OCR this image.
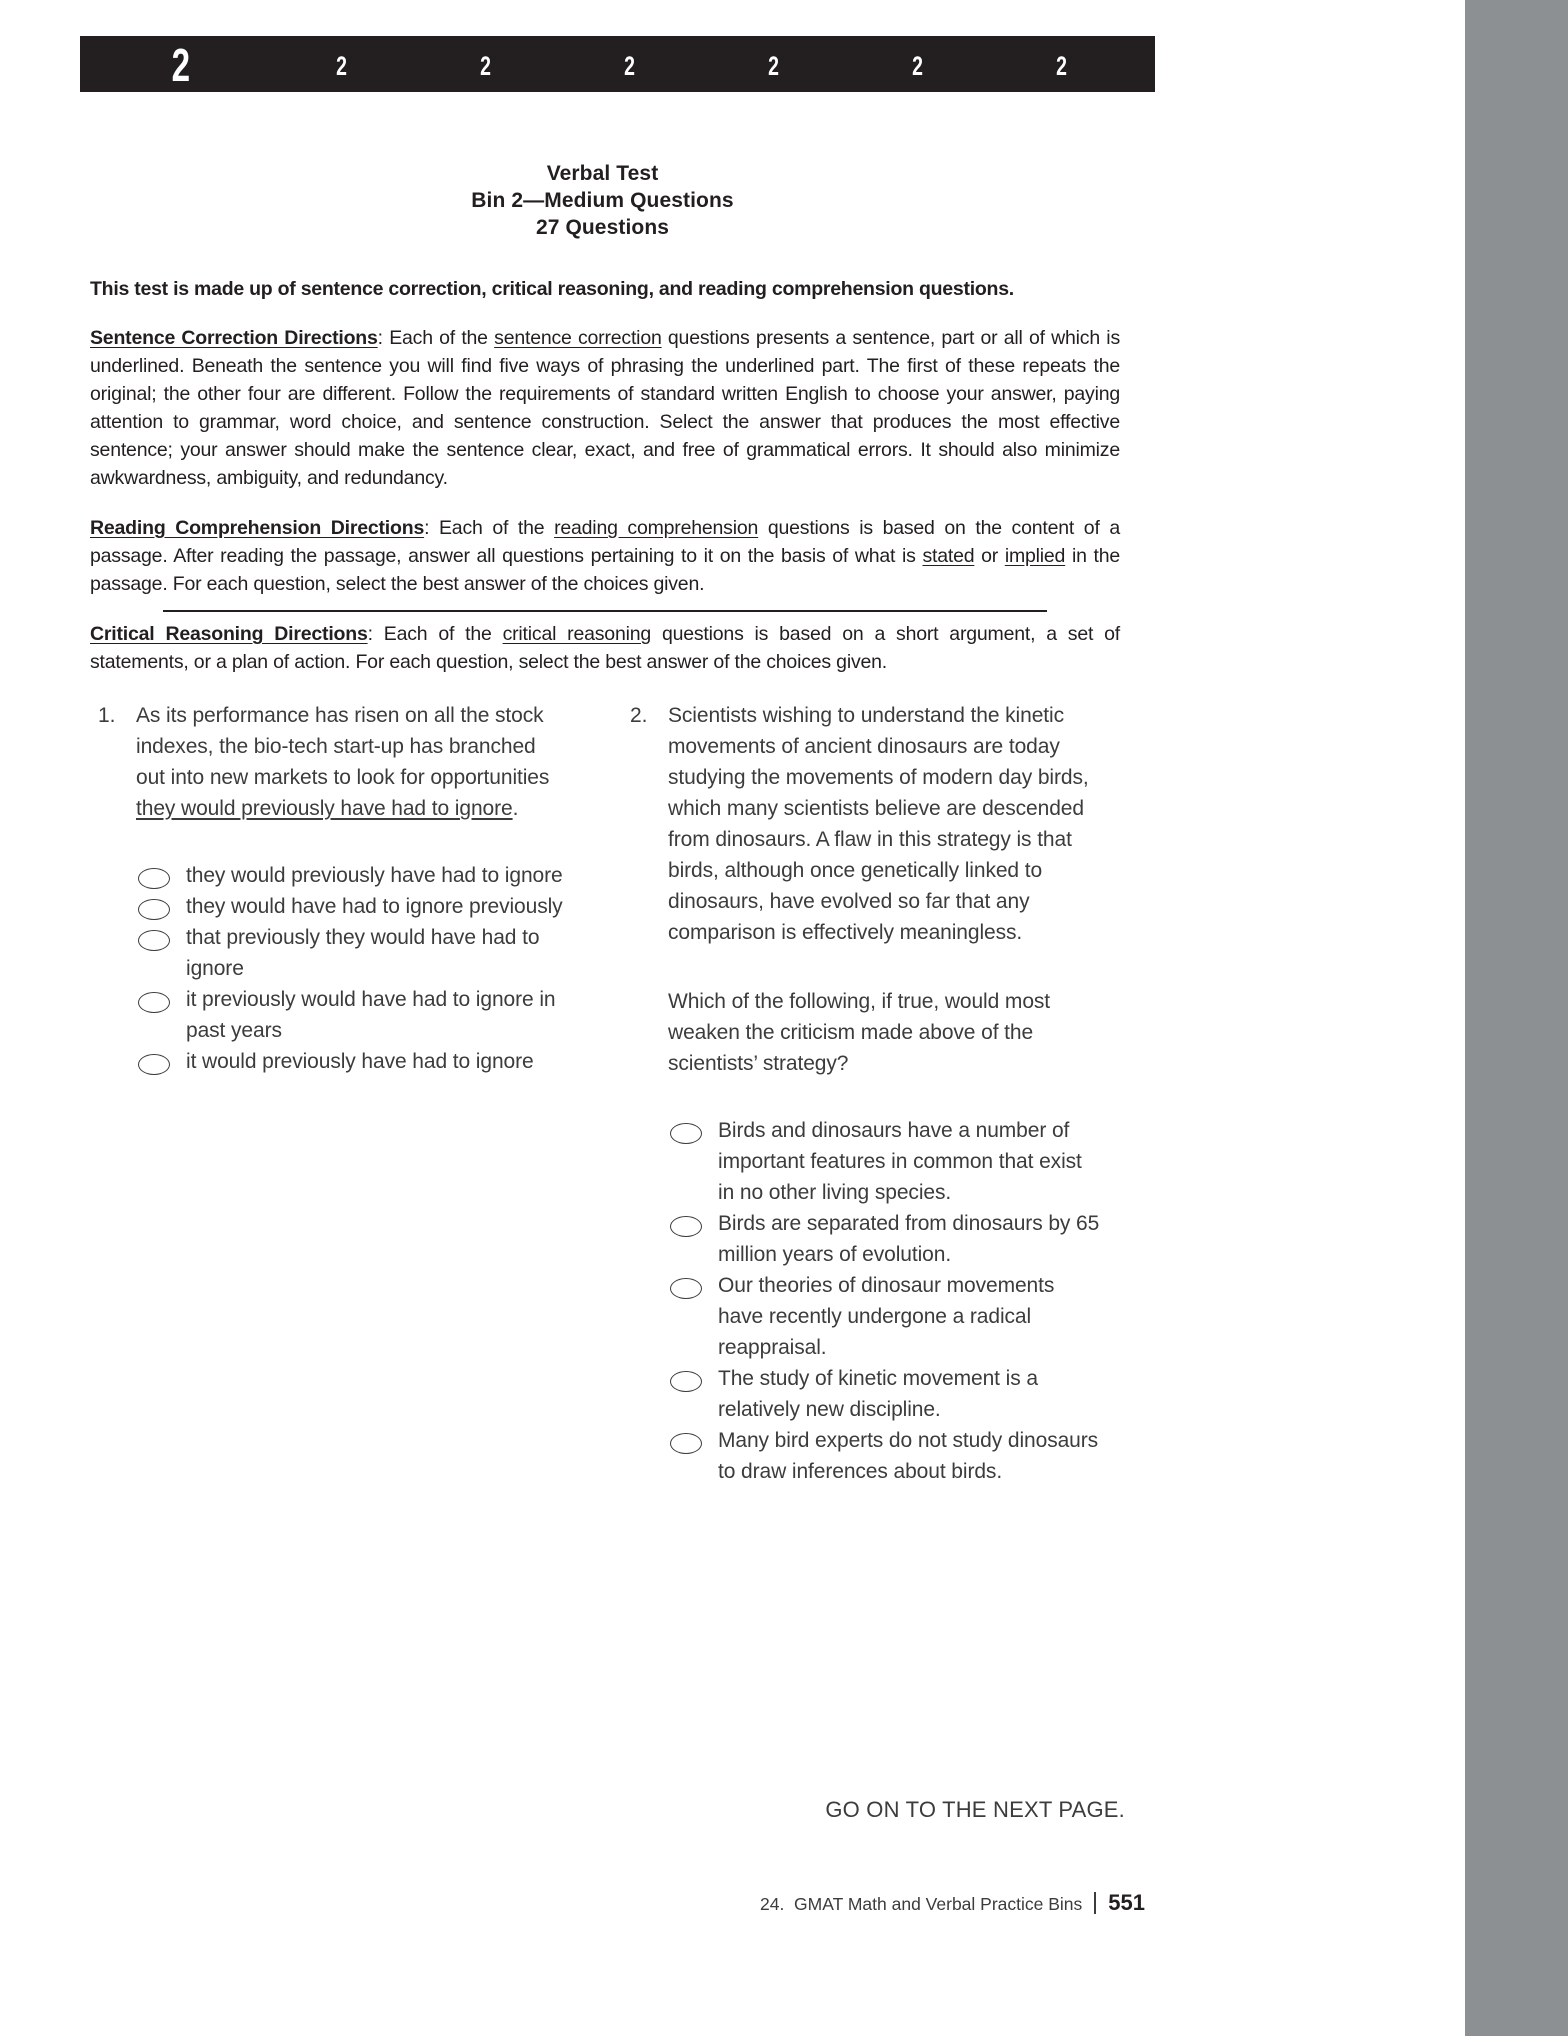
2	2	2	2	2	2	2	2
Verbal Test
Bin 2—Medium Questions
27 Questions

This test is made up of sentence correction, critical reasoning, and reading comprehension questions.

Sentence Correction Directions: Each of the sentence correction questions presents a sentence, part or all of which is underlined. Beneath the sentence you will find five ways of phrasing the underlined part. The first of these repeats the original; the other four are different. Follow the requirements of standard written English to choose your answer, paying attention to grammar, word choice, and sentence construction. Select the answer that produces the most effective sentence; your answer should make the sentence clear, exact, and free of grammatical errors. It should also minimize awkwardness, ambiguity, and redundancy.

Reading Comprehension Directions: Each of the reading comprehension questions is based on the content of a passage. After reading the passage, answer all questions pertaining to it on the basis of what is stated or implied in the passage. For each question, select the best answer of the choices given.

Critical Reasoning Directions: Each of the critical reasoning questions is based on a short argument, a set of statements, or a plan of action. For each question, select the best answer of the choices given.

1. As its performance has risen on all the stock indexes, the bio-tech start-up has branched out into new markets to look for opportunities they would previously have had to ignore.
they would previously have had to ignore
they would have had to ignore previously
that previously they would have had to ignore
it previously would have had to ignore in past years
it would previously have had to ignore
2. Scientists wishing to understand the kinetic movements of ancient dinosaurs are today studying the movements of modern day birds, which many scientists believe are descended from dinosaurs. A flaw in this strategy is that birds, although once genetically linked to dinosaurs, have evolved so far that any comparison is effectively meaningless.
Which of the following, if true, would most weaken the criticism made above of the scientists’ strategy?
Birds and dinosaurs have a number of important features in common that exist in no other living species.
Birds are separated from dinosaurs by 65 million years of evolution.
Our theories of dinosaur movements have recently undergone a radical reappraisal.
The study of kinetic movement is a relatively new discipline.
Many bird experts do not study dinosaurs to draw inferences about birds.
GO ON TO THE NEXT PAGE.
24. GMAT Math and Verbal Practice Bins 551
